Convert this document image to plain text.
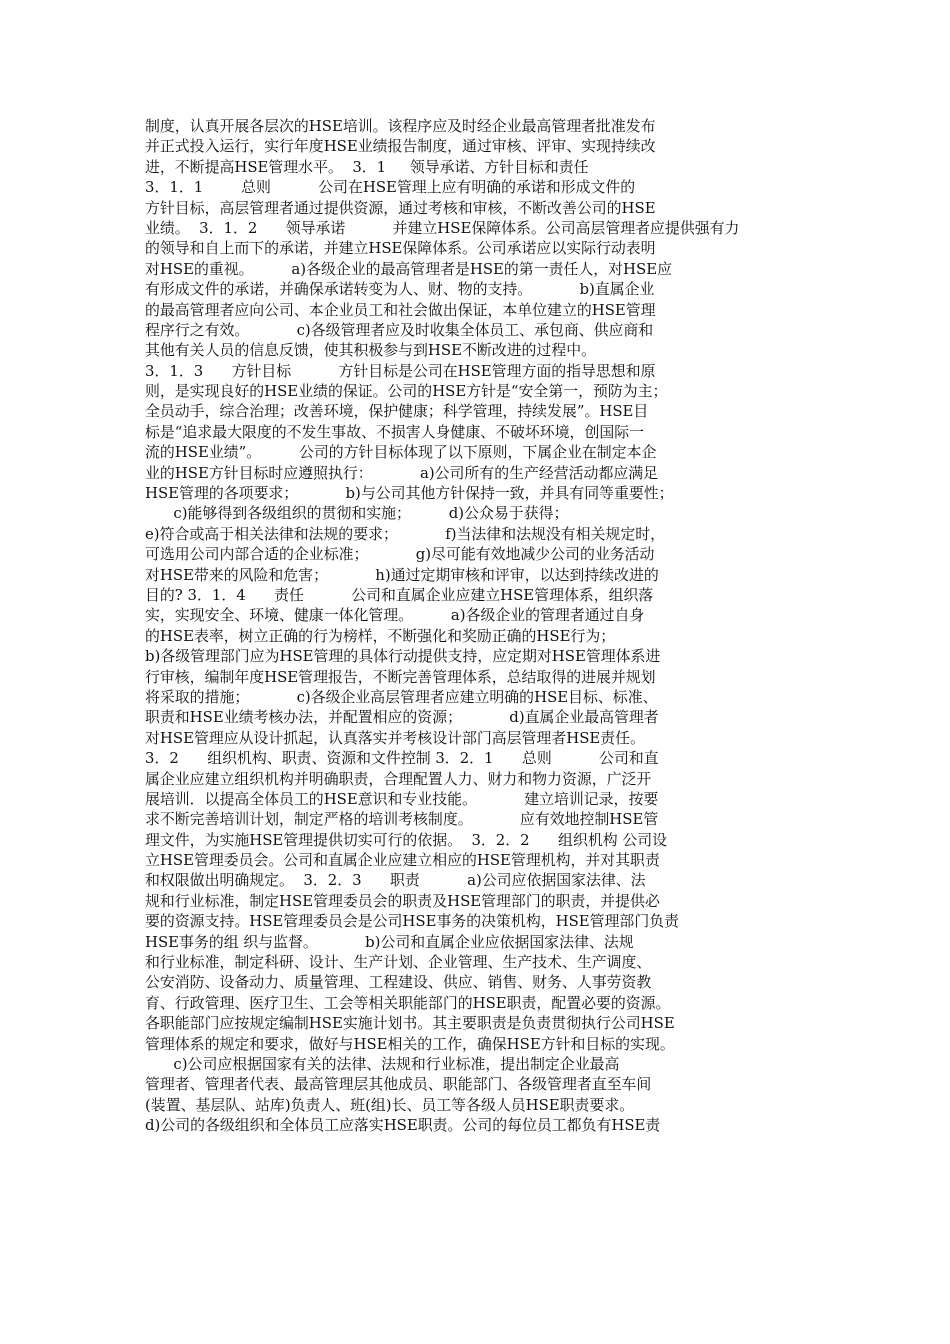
制度，认真开展各层次的HSE培训。该程序应及时经企业最高管理者批准发布
并正式投入运行，实行年度HSE业绩报告制度，通过审核、评审、实现持续改
进，不断提高HSE管理水平。  3．1     领导承诺、方针目标和责任
3．1．1        总则          公司在HSE管理上应有明确的承诺和形成文件的
方针目标，高层管理者通过提供资源，通过考核和审核，不断改善公司的HSE
业绩。  3．1．2      领导承诺          并建立HSE保障体系。公司高层管理者应提供强有力
的领导和自上而下的承诺，并建立HSE保障体系。公司承诺应以实际行动表明
对HSE的重视。        a)各级企业的最高管理者是HSE的第一责任人，对HSE应
有形成文件的承诺，并确保承诺转变为人、财、物的支持。          b)直属企业
的最高管理者应向公司、本企业员工和社会做出保证，本单位建立的HSE管理
程序行之有效。          c)各级管理者应及时收集全体员工、承包商、供应商和
其他有关人员的信息反馈，使其积极参与到HSE不断改进的过程中。
3．1．3      方针目标          方针目标是公司在HSE管理方面的指导思想和原
则，是实现良好的HSE业绩的保证。公司的HSE方针是“安全第一，预防为主；
全员动手，综合治理；改善环境，保护健康；科学管理，持续发展”。HSE目
标是“追求最大限度的不发生事故、不损害人身健康、不破坏环境，创国际一
流的HSE业绩”。        公司的方针目标体现了以下原则，下属企业在制定本企
业的HSE方针目标时应遵照执行：          a)公司所有的生产经营活动都应满足
HSE管理的各项要求；          b)与公司其他方针保持一致，并具有同等重要性；
c)能够得到各级组织的贯彻和实施；        d)公众易于获得；
e)符合或高于相关法律和法规的要求；          f)当法律和法规没有相关规定时，
可选用公司内部合适的企业标准；          g)尽可能有效地减少公司的业务活动
对HSE带来的风险和危害；          h)通过定期审核和评审，以达到持续改进的
目的? 3．1．4      责任          公司和直属企业应建立HSE管理体系，组织落
实，实现安全、环境、健康一体化管理。        a)各级企业的管理者通过自身
的HSE表率，树立正确的行为榜样，不断强化和奖励正确的HSE行为；
b)各级管理部门应为HSE管理的具体行动提供支持，应定期对HSE管理体系进
行审核，编制年度HSE管理报告，不断完善管理体系，总结取得的进展并规划
将采取的措施；          c)各级企业高层管理者应建立明确的HSE目标、标准、
职责和HSE业绩考核办法，并配置相应的资源；          d)直属企业最高管理者
对HSE管理应从设计抓起，认真落实并考核设计部门高层管理者HSE责任。
3．2      组织机构、职责、资源和文件控制 3．2．1      总则          公司和直
属企业应建立组织机构并明确职责，合理配置人力、财力和物力资源，广泛开
展培训．以提高全体员工的HSE意识和专业技能。          建立培训记录，按要
求不断完善培训计划，制定严格的培训考核制度。          应有效地控制HSE管
理文件，为实施HSE管理提供切实可行的依据。  3．2．2      组织机构 公司设
立HSE管理委员会。公司和直属企业应建立相应的HSE管理机构，并对其职责
和权限做出明确规定。  3．2．3      职责          a)公司应依据国家法律、法
规和行业标准，制定HSE管理委员会的职责及HSE管理部门的职责，并提供必
要的资源支持。HSE管理委员会是公司HSE事务的决策机构，HSE管理部门负责
HSE事务的组 织与监督。          b)公司和直属企业应依据国家法律、法规
和行业标准，制定科研、设计、生产计划、企业管理、生产技术、生产调度、
公安消防、设备动力、质量管理、工程建设、供应、销售、财务、人事劳资教
育、行政管理、医疗卫生、工会等相关职能部门的HSE职责，配置必要的资源。
各职能部门应按规定编制HSE实施计划书。其主要职责是负责贯彻执行公司HSE
管理体系的规定和要求，做好与HSE相关的工作，确保HSE方针和目标的实现。
c)公司应根据国家有关的法律、法规和行业标准，提出制定企业最高
管理者、管理者代表、最高管理层其他成员、职能部门、各级管理者直至车间
(装置、基层队、站库)负责人、班(组)长、员工等各级人员HSE职责要求。
d)公司的各级组织和全体员工应落实HSE职责。公司的每位员工都负有HSE责
